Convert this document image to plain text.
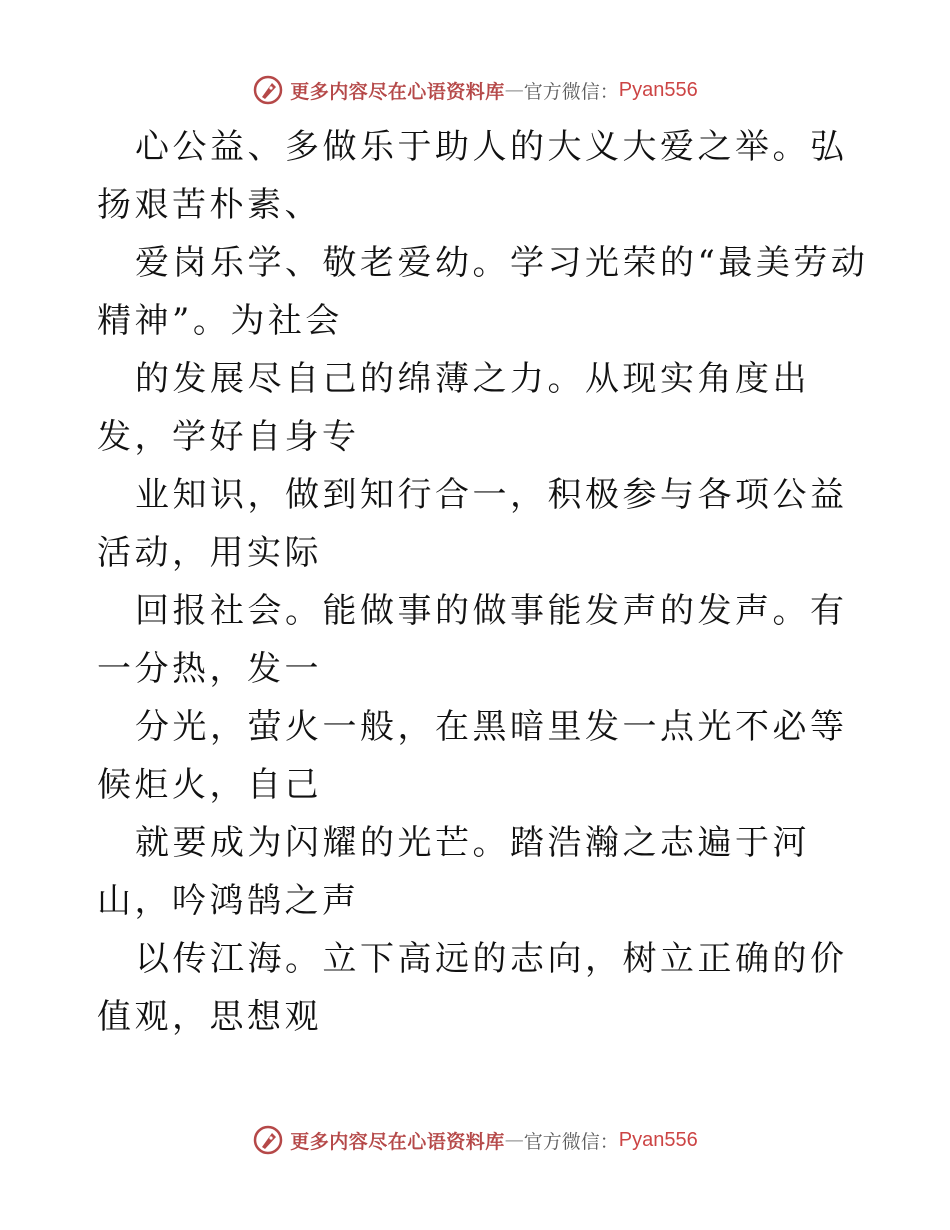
更多内容尽在心语资料库 — 官方微信： Pyan556

心公益、多做乐于助人的大义大爱之举。弘扬艰苦朴素、

爱岗乐学、敬老爱幼。学习光荣的“最美劳动精神”。为社会

的发展尽自己的绵薄之力。从现实角度出发，学好自身专

业知识，做到知行合一，积极参与各项公益活动，用实际

回报社会。能做事的做事能发声的发声。有一分热，发一

分光，萤火一般，在黑暗里发一点光不必等候炬火，自己

就要成为闪耀的光芒。踏浩瀚之志遍于河山，吟鸿鹄之声

以传江海。立下高远的志向，树立正确的价值观，思想观

更多内容尽在心语资料库 — 官方微信： Pyan556
